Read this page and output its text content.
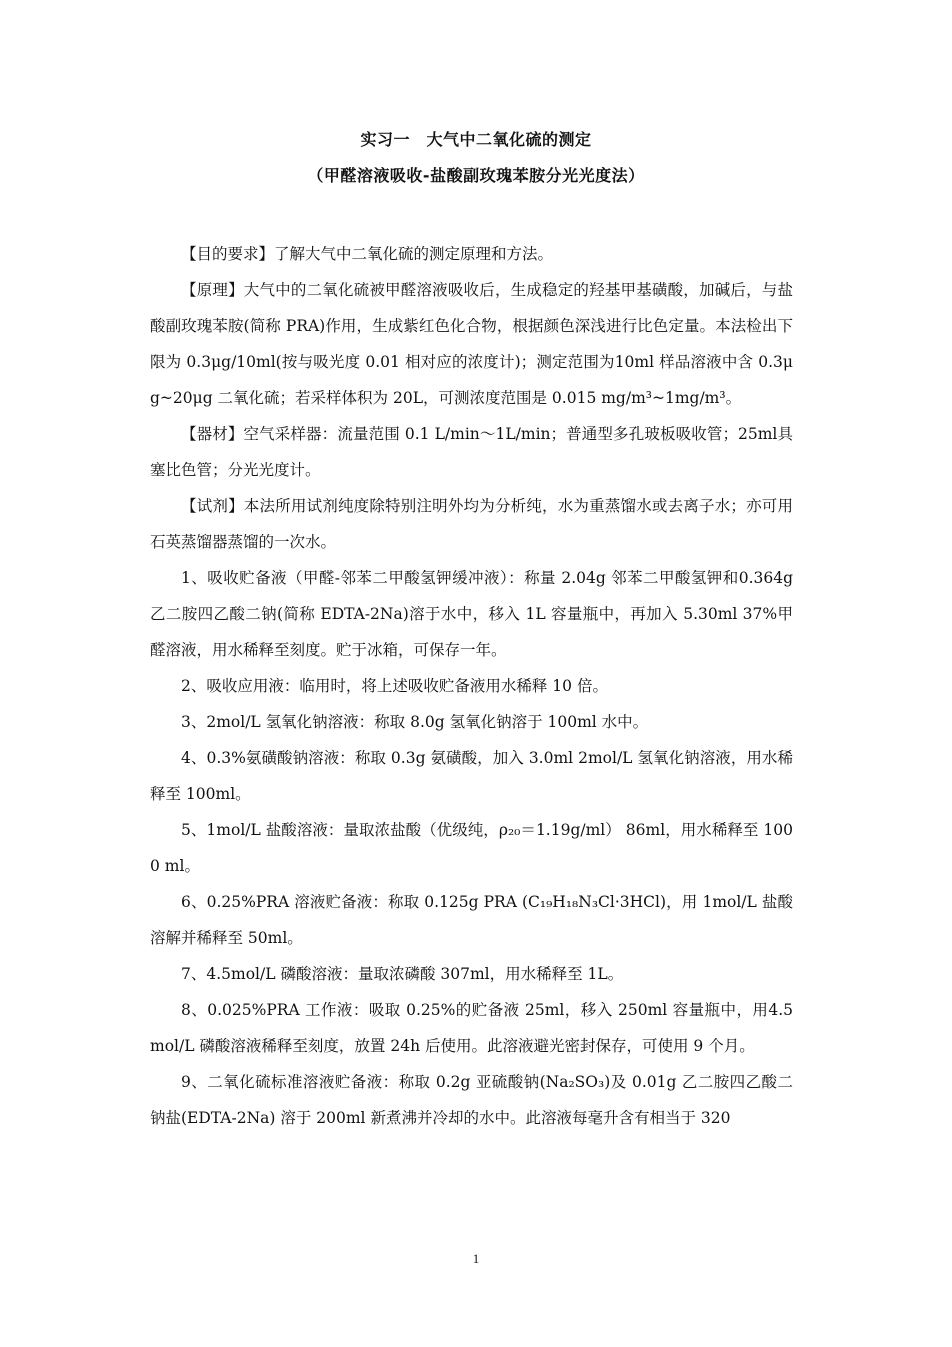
实习一　大气中二氧化硫的测定
（甲醛溶液吸收-盐酸副玫瑰苯胺分光光度法）

【目的要求】了解大气中二氧化硫的测定原理和方法。

【原理】大气中的二氧化硫被甲醛溶液吸收后，生成稳定的羟基甲基磺酸，加碱后，与盐酸副玫瑰苯胺(简称 PRA)作用，生成紫红色化合物，根据颜色深浅进行比色定量。本法检出下限为 0.3μg/10ml(按与吸光度 0.01 相对应的浓度计)；测定范围为10ml 样品溶液中含 0.3μg~20μg 二氧化硫；若采样体积为 20L，可测浓度范围是 0.015 mg/m³~1mg/m³。

【器材】空气采样器：流量范围 0.1 L/min～1L/min；普通型多孔玻板吸收管；25ml具塞比色管；分光光度计。

【试剂】本法所用试剂纯度除特别注明外均为分析纯，水为重蒸馏水或去离子水；亦可用石英蒸馏器蒸馏的一次水。

1、吸收贮备液（甲醛-邻苯二甲酸氢钾缓冲液）：称量 2.04g 邻苯二甲酸氢钾和0.364g 乙二胺四乙酸二钠(简称 EDTA-2Na)溶于水中，移入 1L 容量瓶中，再加入 5.30ml 37%甲醛溶液，用水稀释至刻度。贮于冰箱，可保存一年。

2、吸收应用液：临用时，将上述吸收贮备液用水稀释 10 倍。

3、2mol/L 氢氧化钠溶液：称取 8.0g 氢氧化钠溶于 100ml 水中。

4、0.3%氨磺酸钠溶液：称取 0.3g 氨磺酸，加入 3.0ml 2mol/L 氢氧化钠溶液，用水稀释至 100ml。

5、1mol/L 盐酸溶液：量取浓盐酸（优级纯，ρ₂₀＝1.19g/ml） 86ml，用水稀释至 1000 ml。

6、0.25%PRA 溶液贮备液：称取 0.125g PRA (C₁₉H₁₈N₃Cl·3HCl)，用 1mol/L 盐酸溶解并稀释至 50ml。

7、4.5mol/L 磷酸溶液：量取浓磷酸 307ml，用水稀释至 1L。

8、0.025%PRA 工作液：吸取 0.25%的贮备液 25ml，移入 250ml 容量瓶中，用4.5mol/L 磷酸溶液稀释至刻度，放置 24h 后使用。此溶液避光密封保存，可使用 9 个月。

9、二氧化硫标准溶液贮备液：称取 0.2g 亚硫酸钠(Na₂SO₃)及 0.01g 乙二胺四乙酸二钠盐(EDTA-2Na) 溶于 200ml 新煮沸并冷却的水中。此溶液每毫升含有相当于 320

1
